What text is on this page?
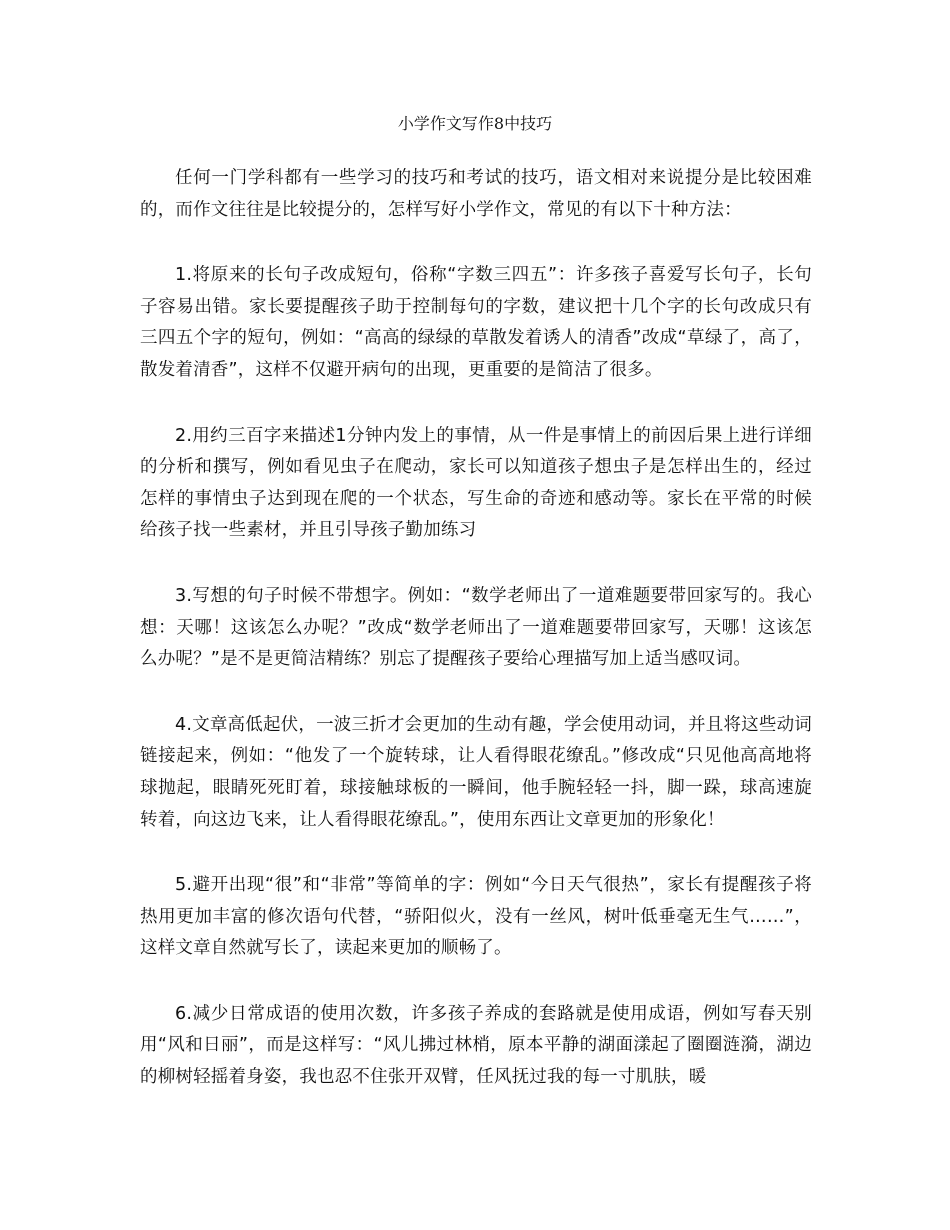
小学作文写作8中技巧

任何一门学科都有一些学习的技巧和考试的技巧，语文相对来说提分是比较困难的，而作文往往是比较提分的，怎样写好小学作文，常见的有以下十种方法：

1.将原来的长句子改成短句，俗称“字数三四五”：许多孩子喜爱写长句子，长句子容易出错。家长要提醒孩子助于控制每句的字数，建议把十几个字的长句改成只有三四五个字的短句，例如：“高高的绿绿的草散发着诱人的清香”改成“草绿了，高了，散发着清香”，这样不仅避开病句的出现，更重要的是简洁了很多。

2.用约三百字来描述1分钟内发上的事情，从一件是事情上的前因后果上进行详细的分析和撰写，例如看见虫子在爬动，家长可以知道孩子想虫子是怎样出生的，经过怎样的事情虫子达到现在爬的一个状态，写生命的奇迹和感动等。家长在平常的时候给孩子找一些素材，并且引导孩子勤加练习

3.写想的句子时候不带想字。例如：“数学老师出了一道难题要带回家写的。我心想：天哪！这该怎么办呢？”改成“数学老师出了一道难题要带回家写，天哪！这该怎么办呢？”是不是更简洁精练？别忘了提醒孩子要给心理描写加上适当感叹词。

4.文章高低起伏，一波三折才会更加的生动有趣，学会使用动词，并且将这些动词链接起来，例如：“他发了一个旋转球，让人看得眼花缭乱。”修改成“只见他高高地将球抛起，眼睛死死盯着，球接触球板的一瞬间，他手腕轻轻一抖，脚一跺，球高速旋转着，向这边飞来，让人看得眼花缭乱。”，使用东西让文章更加的形象化！

5.避开出现“很”和“非常”等简单的字：例如“今日天气很热”，家长有提醒孩子将热用更加丰富的修次语句代替，“骄阳似火，没有一丝风，树叶低垂毫无生气……”，这样文章自然就写长了，读起来更加的顺畅了。

6.减少日常成语的使用次数，许多孩子养成的套路就是使用成语，例如写春天别用“风和日丽”，而是这样写：“风儿拂过林梢，原本平静的湖面漾起了圈圈涟漪，湖边的柳树轻摇着身姿，我也忍不住张开双臂，任风抚过我的每一寸肌肤，暖
